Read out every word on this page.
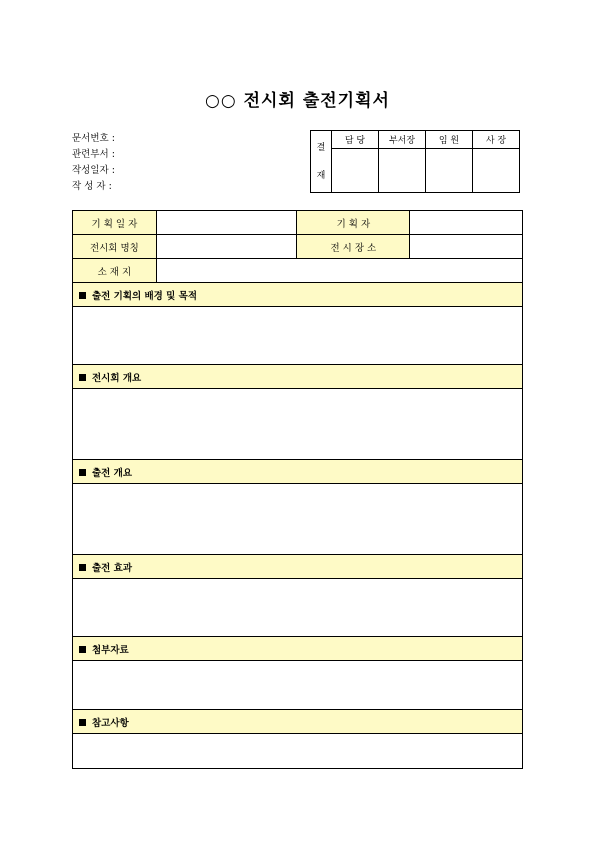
○○ 전시회 출전기획서
문서번호 :
관련부서 :
작성일자 :
작 성 자 :
결
재	담 당	부서장	임 원	사 장

기 획 일 자		기 획 자	
전시회 명칭		전 시 장 소	
소 재 지			
출전 기획의 배경 및 목적			

전시회 개요			

출전 개요			

출전 효과			

첨부자료			

참고사항			
